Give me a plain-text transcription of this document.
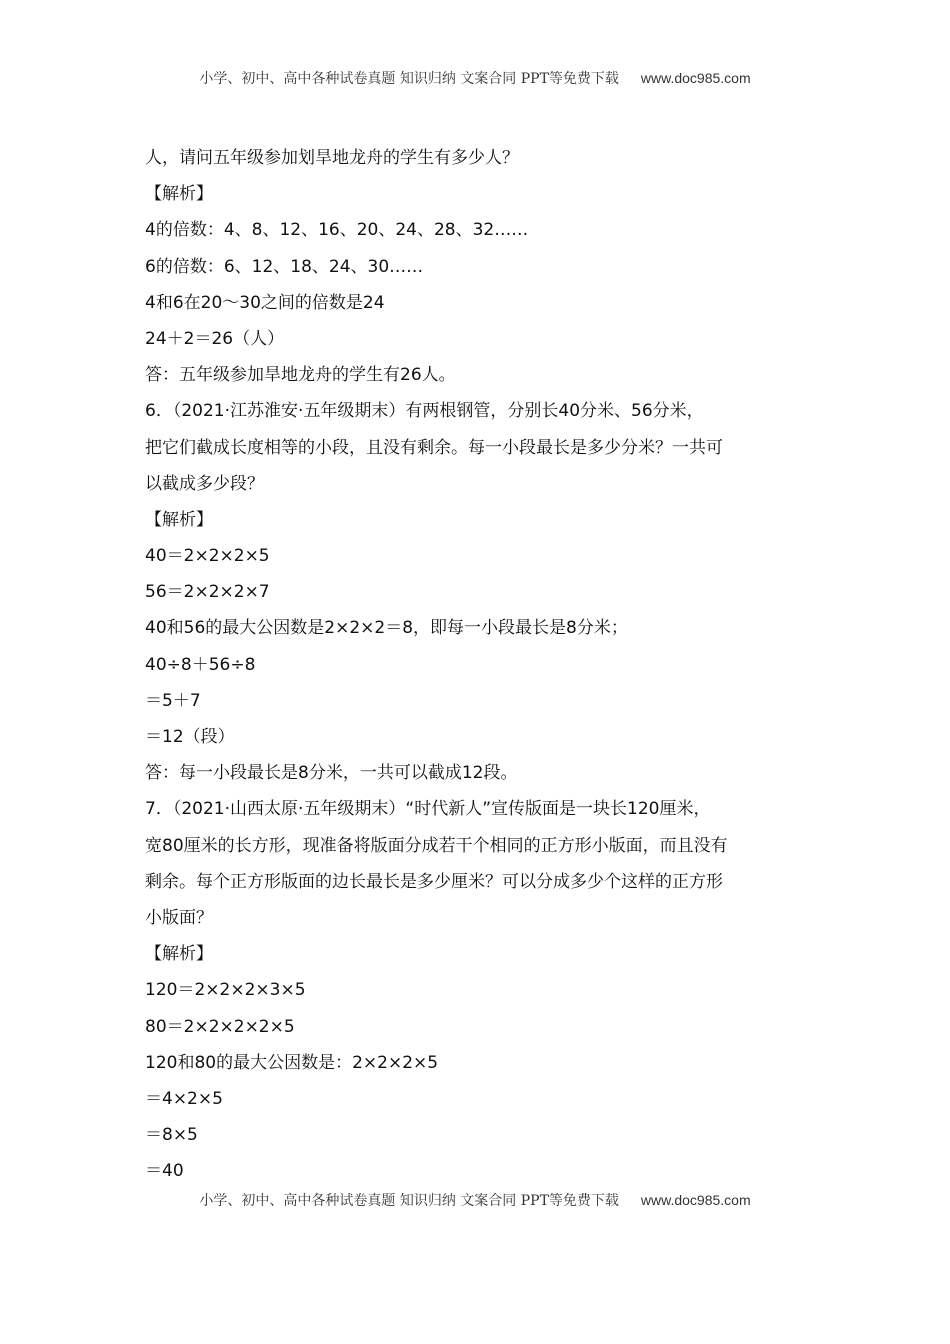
小学、初中、高中各种试卷真题 知识归纳 文案合同 PPT等免费下载 www.doc985.com
人，请问五年级参加划旱地龙舟的学生有多少人？
【解析】
4的倍数：4、8、12、16、20、24、28、32……
6的倍数：6、12、18、24、30……
4和6在20～30之间的倍数是24
24＋2＝26（人）
答：五年级参加旱地龙舟的学生有26人。
6．（2021·江苏淮安·五年级期末）有两根钢管，分别长40分米、56分米，
把它们截成长度相等的小段，且没有剩余。每一小段最长是多少分米？一共可
以截成多少段？
【解析】
40＝2×2×2×5
56＝2×2×2×7
40和56的最大公因数是2×2×2＝8，即每一小段最长是8分米；
40÷8＋56÷8
＝5＋7
＝12（段）
答：每一小段最长是8分米，一共可以截成12段。
7．（2021·山西太原·五年级期末）“时代新人”宣传版面是一块长120厘米，
宽80厘米的长方形，现准备将版面分成若干个相同的正方形小版面，而且没有
剩余。每个正方形版面的边长最长是多少厘米？可以分成多少个这样的正方形
小版面？
【解析】
120＝2×2×2×3×5
80＝2×2×2×2×5
120和80的最大公因数是：2×2×2×5
＝4×2×5
＝8×5
＝40
小学、初中、高中各种试卷真题 知识归纳 文案合同 PPT等免费下载 www.doc985.com
